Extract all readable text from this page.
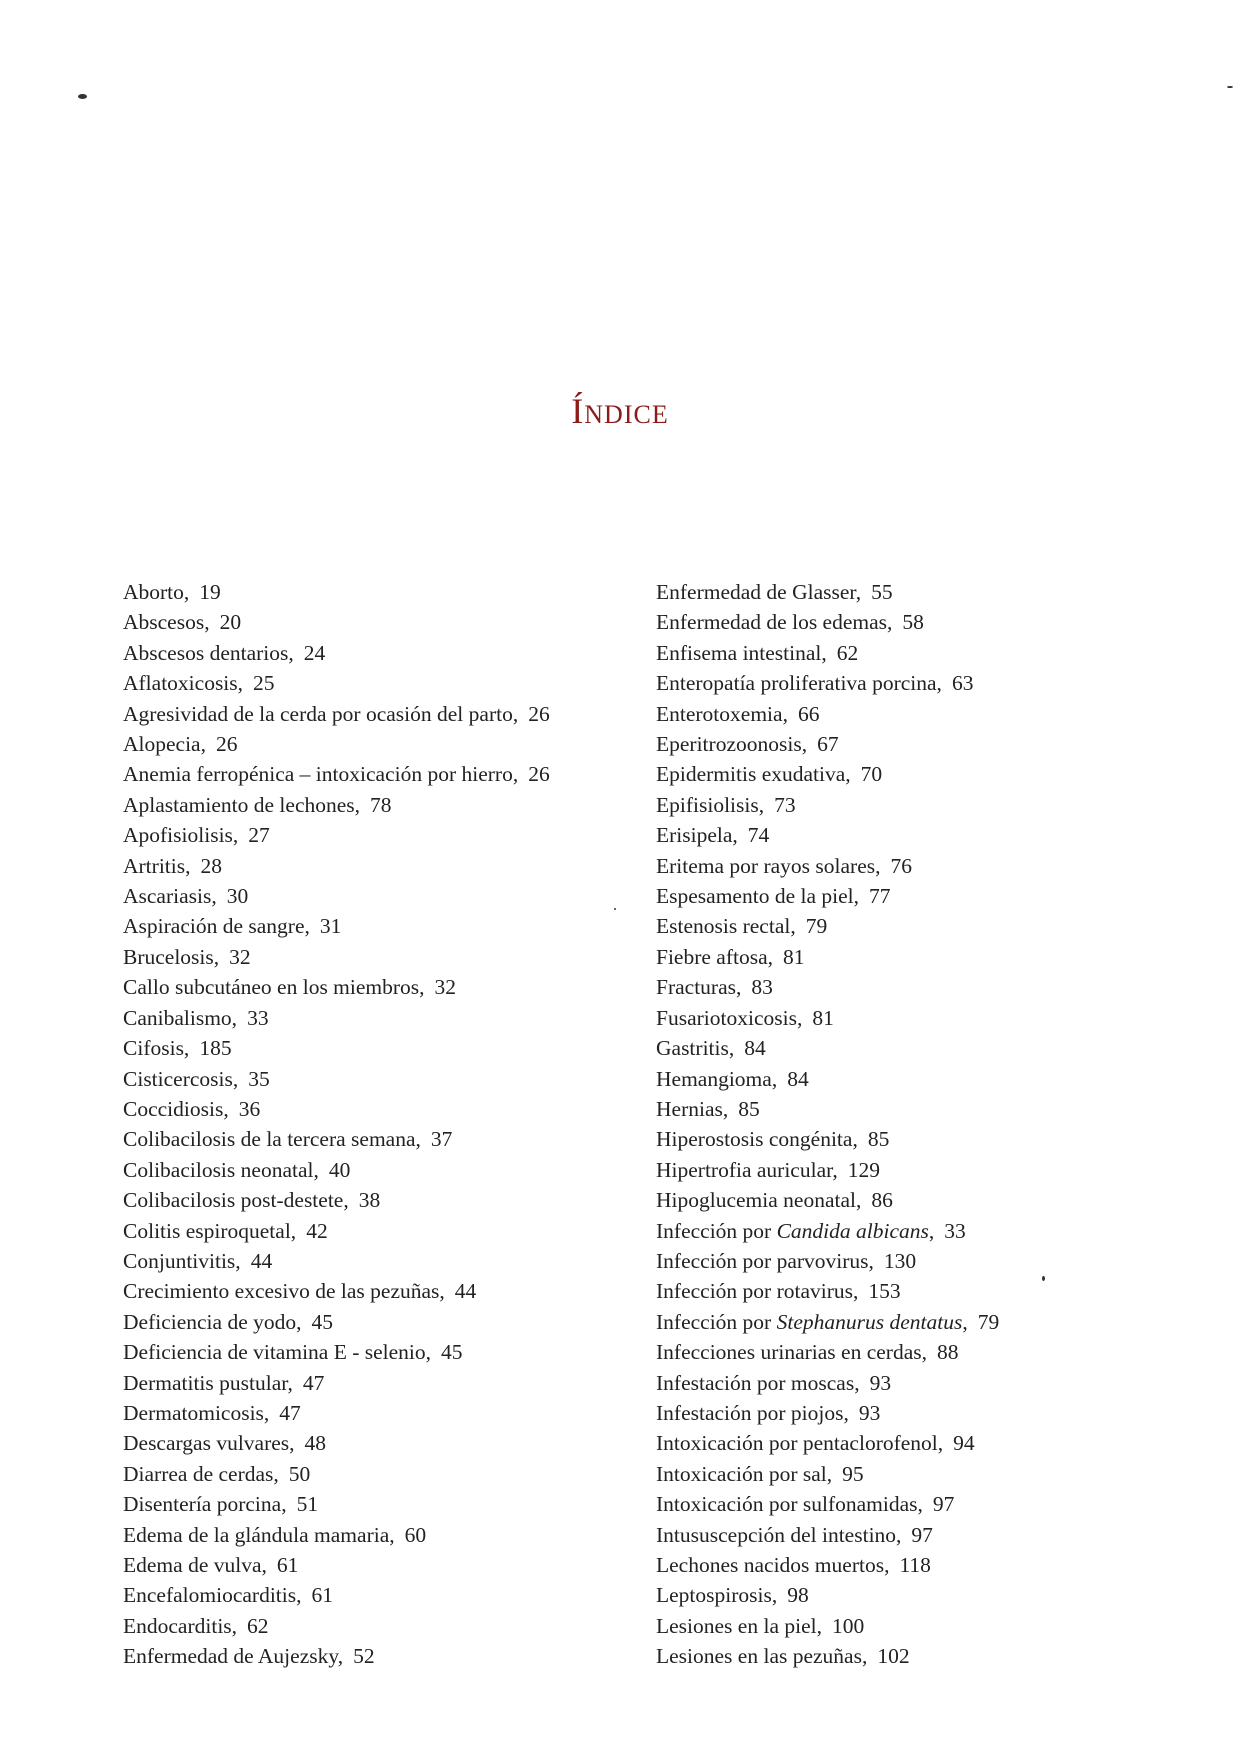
ÍNDICE
Aborto, 19
Abscesos, 20
Abscesos dentarios, 24
Aflatoxicosis, 25
Agresividad de la cerda por ocasión del parto, 26
Alopecia, 26
Anemia ferropénica – intoxicación por hierro, 26
Aplastamiento de lechones, 78
Apofisiolisis, 27
Artritis, 28
Ascariasis, 30
Aspiración de sangre, 31
Brucelosis, 32
Callo subcutáneo en los miembros, 32
Canibalismo, 33
Cifosis, 185
Cisticercosis, 35
Coccidiosis, 36
Colibacilosis de la tercera semana, 37
Colibacilosis neonatal, 40
Colibacilosis post-destete, 38
Colitis espiroquetal, 42
Conjuntivitis, 44
Crecimiento excesivo de las pezuñas, 44
Deficiencia de yodo, 45
Deficiencia de vitamina E - selenio, 45
Dermatitis pustular, 47
Dermatomicosis, 47
Descargas vulvares, 48
Diarrea de cerdas, 50
Disentería porcina, 51
Edema de la glándula mamaria, 60
Edema de vulva, 61
Encefalomiocarditis, 61
Endocarditis, 62
Enfermedad de Aujezsky, 52
Enfermedad de Glasser, 55
Enfermedad de los edemas, 58
Enfisema intestinal, 62
Enteropatía proliferativa porcina, 63
Enterotoxemia, 66
Eperitrozoonosis, 67
Epidermitis exudativa, 70
Epifisiolisis, 73
Erisipela, 74
Eritema por rayos solares, 76
Espesamento de la piel, 77
Estenosis rectal, 79
Fiebre aftosa, 81
Fracturas, 83
Fusariotoxicosis, 81
Gastritis, 84
Hemangioma, 84
Hernias, 85
Hiperostosis congénita, 85
Hipertrofia auricular, 129
Hipoglucemia neonatal, 86
Infección por Candida albicans, 33
Infección por parvovirus, 130
Infección por rotavirus, 153
Infección por Stephanurus dentatus, 79
Infecciones urinarias en cerdas, 88
Infestación por moscas, 93
Infestación por piojos, 93
Intoxicación por pentaclorofenol, 94
Intoxicación por sal, 95
Intoxicación por sulfonamidas, 97
Intususcepción del intestino, 97
Lechones nacidos muertos, 118
Leptospirosis, 98
Lesiones en la piel, 100
Lesiones en las pezuñas, 102
